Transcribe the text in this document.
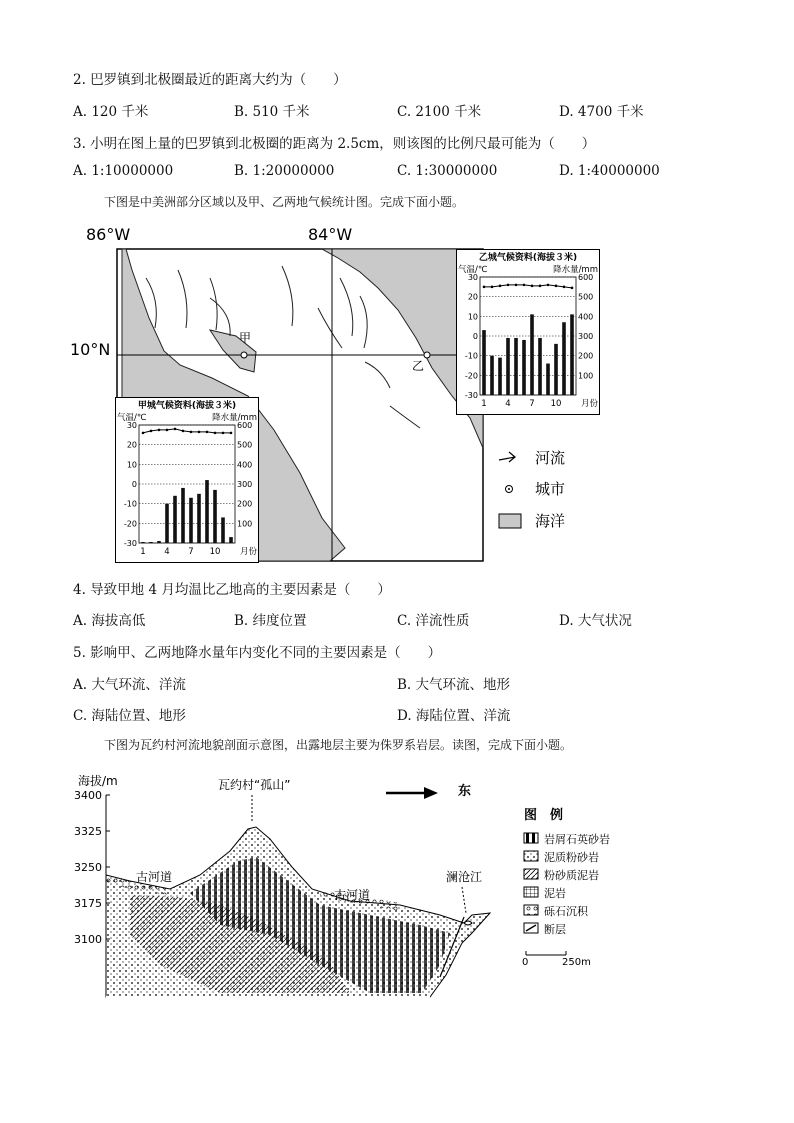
2. 巴罗镇到北极圈最近的距离大约为（　　）
A. 120 千米	B. 510 千米	C. 2100 千米	D. 4700 千米
3. 小明在图上量的巴罗镇到北极圈的距离为 2.5cm，则该图的比例尺最可能为（　　）
A. 1:10000000	B. 1:20000000	C. 1:30000000	D. 1:40000000
下图是中美洲部分区域以及甲、乙两地气候统计图。完成下面小题。
86°W	84°W
10°N
甲
乙
乙城气候资料(海拔３米)
气温/℃	降水量/mm
30
20
10
0
-10
-20
-30
600
500
400
300
200
100
1 4 7 10 月份
甲城气候资料(海拔３米)
气温/℃	降水量/mm
30
20
10
0
-10
-20
-30
600
500
400
300
200
100
1 4 7 10 月份
河流
城市
海洋
4. 导致甲地 4 月均温比乙地高的主要因素是（　　）
A. 海拔高低	B. 纬度位置	C. 洋流性质	D. 大气状况
5. 影响甲、乙两地降水量年内变化不同的主要因素是（　　）
A. 大气环流、洋流	B. 大气环流、地形
C. 海陆位置、地形	D. 海陆位置、洋流
下图为瓦约村河流地貌剖面示意图，出露地层主要为侏罗系岩层。读图，完成下面小题。
海拔/m
3400
3325
3250
3175
3100
瓦约村“孤山”
古河道
古河道
澜沧江
东
图　例
岩屑石英砂岩
泥质粉砂岩
粉砂质泥岩
泥岩
砾石沉积
断层
0	250m
